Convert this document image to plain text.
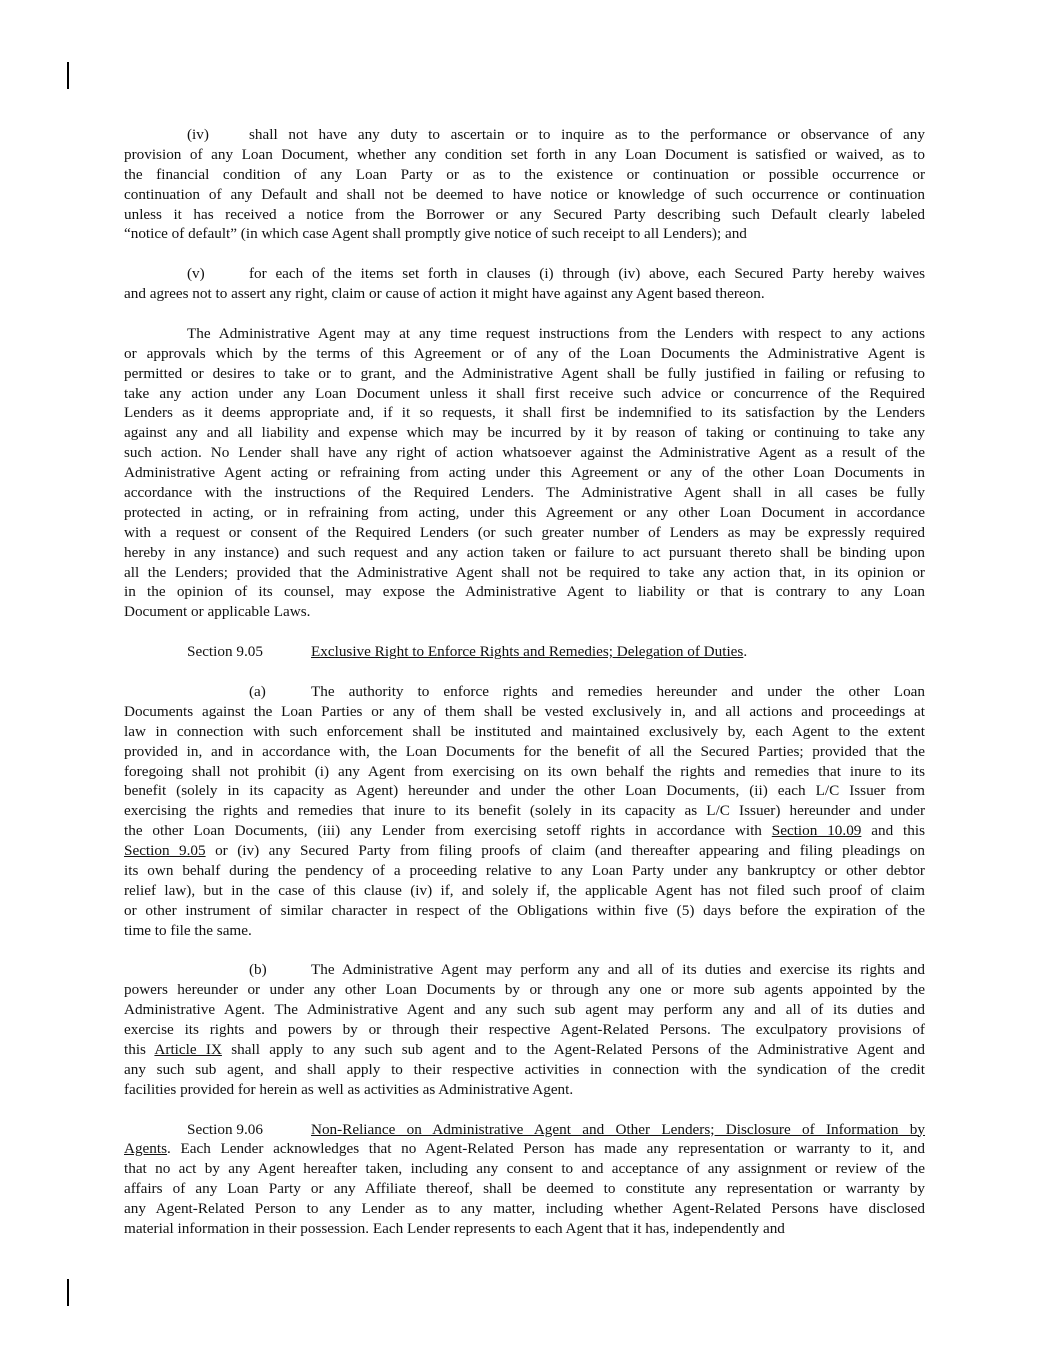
(iv)	shall not have any duty to ascertain or to inquire as to the performance or observance of any
provision of any Loan Document, whether any condition set forth in any Loan Document is satisfied or waived, as to
the financial condition of any Loan Party or as to the existence or continuation or possible occurrence or
continuation of any Default and shall not be deemed to have notice or knowledge of such occurrence or continuation
unless it has received a notice from the Borrower or any Secured Party describing such Default clearly labeled
“notice of default” (in which case Agent shall promptly give notice of such receipt to all Lenders); and
(v)	for each of the items set forth in clauses (i) through (iv) above, each Secured Party hereby waives
and agrees not to assert any right, claim or cause of action it might have against any Agent based thereon.
The Administrative Agent may at any time request instructions from the Lenders with respect to any actions
or approvals which by the terms of this Agreement or of any of the Loan Documents the Administrative Agent is
permitted or desires to take or to grant, and the Administrative Agent shall be fully justified in failing or refusing to
take any action under any Loan Document unless it shall first receive such advice or concurrence of the Required
Lenders as it deems appropriate and, if it so requests, it shall first be indemnified to its satisfaction by the Lenders
against any and all liability and expense which may be incurred by it by reason of taking or continuing to take any
such action. No Lender shall have any right of action whatsoever against the Administrative Agent as a result of the
Administrative Agent acting or refraining from acting under this Agreement or any of the other Loan Documents in
accordance with the instructions of the Required Lenders. The Administrative Agent shall in all cases be fully
protected in acting, or in refraining from acting, under this Agreement or any other Loan Document in accordance
with a request or consent of the Required Lenders (or such greater number of Lenders as may be expressly required
hereby in any instance) and such request and any action taken or failure to act pursuant thereto shall be binding upon
all the Lenders; provided that the Administrative Agent shall not be required to take any action that, in its opinion or
in the opinion of its counsel, may expose the Administrative Agent to liability or that is contrary to any Loan
Document or applicable Laws.
Section 9.05	Exclusive Right to Enforce Rights and Remedies; Delegation of Duties.
(a)	The authority to enforce rights and remedies hereunder and under the other Loan
Documents against the Loan Parties or any of them shall be vested exclusively in, and all actions and proceedings at
law in connection with such enforcement shall be instituted and maintained exclusively by, each Agent to the extent
provided in, and in accordance with, the Loan Documents for the benefit of all the Secured Parties; provided that the
foregoing shall not prohibit (i) any Agent from exercising on its own behalf the rights and remedies that inure to its
benefit (solely in its capacity as Agent) hereunder and under the other Loan Documents, (ii) each L/C Issuer from
exercising the rights and remedies that inure to its benefit (solely in its capacity as L/C Issuer) hereunder and under
the other Loan Documents, (iii) any Lender from exercising setoff rights in accordance with Section 10.09 and this
Section 9.05 or (iv) any Secured Party from filing proofs of claim (and thereafter appearing and filing pleadings on
its own behalf during the pendency of a proceeding relative to any Loan Party under any bankruptcy or other debtor
relief law), but in the case of this clause (iv) if, and solely if, the applicable Agent has not filed such proof of claim
or other instrument of similar character in respect of the Obligations within five (5) days before the expiration of the
time to file the same.
(b)	The Administrative Agent may perform any and all of its duties and exercise its rights and
powers hereunder or under any other Loan Documents by or through any one or more sub agents appointed by the
Administrative Agent. The Administrative Agent and any such sub agent may perform any and all of its duties and
exercise its rights and powers by or through their respective Agent-Related Persons. The exculpatory provisions of
this Article IX shall apply to any such sub agent and to the Agent-Related Persons of the Administrative Agent and
any such sub agent, and shall apply to their respective activities in connection with the syndication of the credit
facilities provided for herein as well as activities as Administrative Agent.
Section 9.06	Non-Reliance on Administrative Agent and Other Lenders; Disclosure of Information by
Agents. Each Lender acknowledges that no Agent-Related Person has made any representation or warranty to it, and
that no act by any Agent hereafter taken, including any consent to and acceptance of any assignment or review of the
affairs of any Loan Party or any Affiliate thereof, shall be deemed to constitute any representation or warranty by
any Agent-Related Person to any Lender as to any matter, including whether Agent-Related Persons have disclosed
material information in their possession. Each Lender represents to each Agent that it has, independently and
